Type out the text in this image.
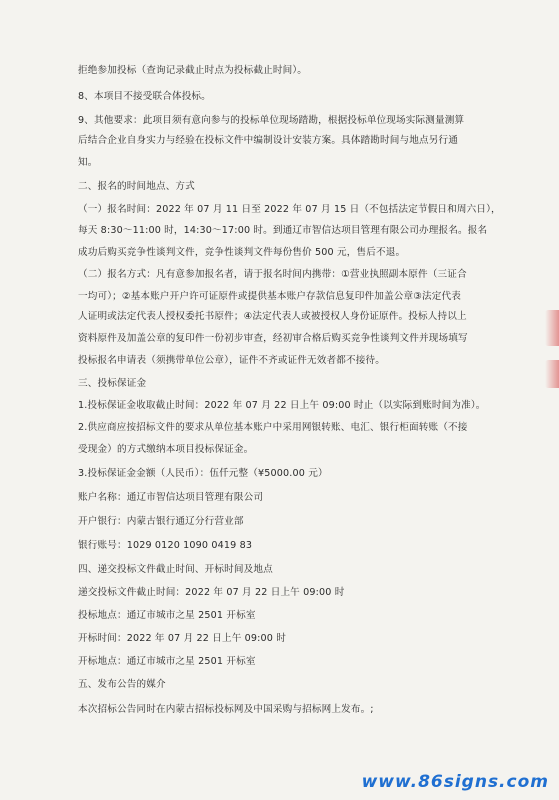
拒绝参加投标（查询记录截止时点为投标截止时间）。

8、本项目不接受联合体投标。

9、其他要求：此项目须有意向参与的投标单位现场踏勘，根据投标单位现场实际测量测算

后结合企业自身实力与经验在投标文件中编制设计安装方案。具体踏勘时间与地点另行通

知。

二、报名的时间地点、方式

（一）报名时间：2022 年 07 月 11 日至 2022 年 07 月 15 日（不包括法定节假日和周六日），

每天 8:30～11:00 时，14:30～17:00 时。到通辽市智信达项目管理有限公司办理报名。报名

成功后购买竞争性谈判文件，竞争性谈判文件每份售价 500 元，售后不退。

（二）报名方式：凡有意参加报名者，请于报名时间内携带：①营业执照副本原件（三证合

一均可）；②基本账户开户许可证原件或提供基本账户存款信息复印件加盖公章③法定代表

人证明或法定代表人授权委托书原件；④法定代表人或被授权人身份证原件。投标人持以上

资料原件及加盖公章的复印件一份初步审查，经初审合格后购买竞争性谈判文件并现场填写

投标报名申请表（须携带单位公章），证件不齐或证件无效者都不接待。

三、投标保证金

1.投标保证金收取截止时间：2022 年 07 月 22 日上午 09:00 时止（以实际到账时间为准）。

2.供应商应按招标文件的要求从单位基本账户中采用网银转账、电汇、银行柜面转账（不接

受现金）的方式缴纳本项目投标保证金。

3.投标保证金金额（人民币）：伍仟元整（¥5000.00 元）

账户名称：通辽市智信达项目管理有限公司

开户银行：内蒙古银行通辽分行营业部

银行账号：1029 0120 1090 0419 83

四、递交投标文件截止时间、开标时间及地点

递交投标文件截止时间：2022 年 07 月 22 日上午 09:00 时

投标地点：通辽市城市之星 2501 开标室

开标时间：2022 年 07 月 22 日上午 09:00 时

开标地点：通辽市城市之星 2501 开标室

五、发布公告的媒介

本次招标公告同时在内蒙古招标投标网及中国采购与招标网上发布。;

www.86signs.com
